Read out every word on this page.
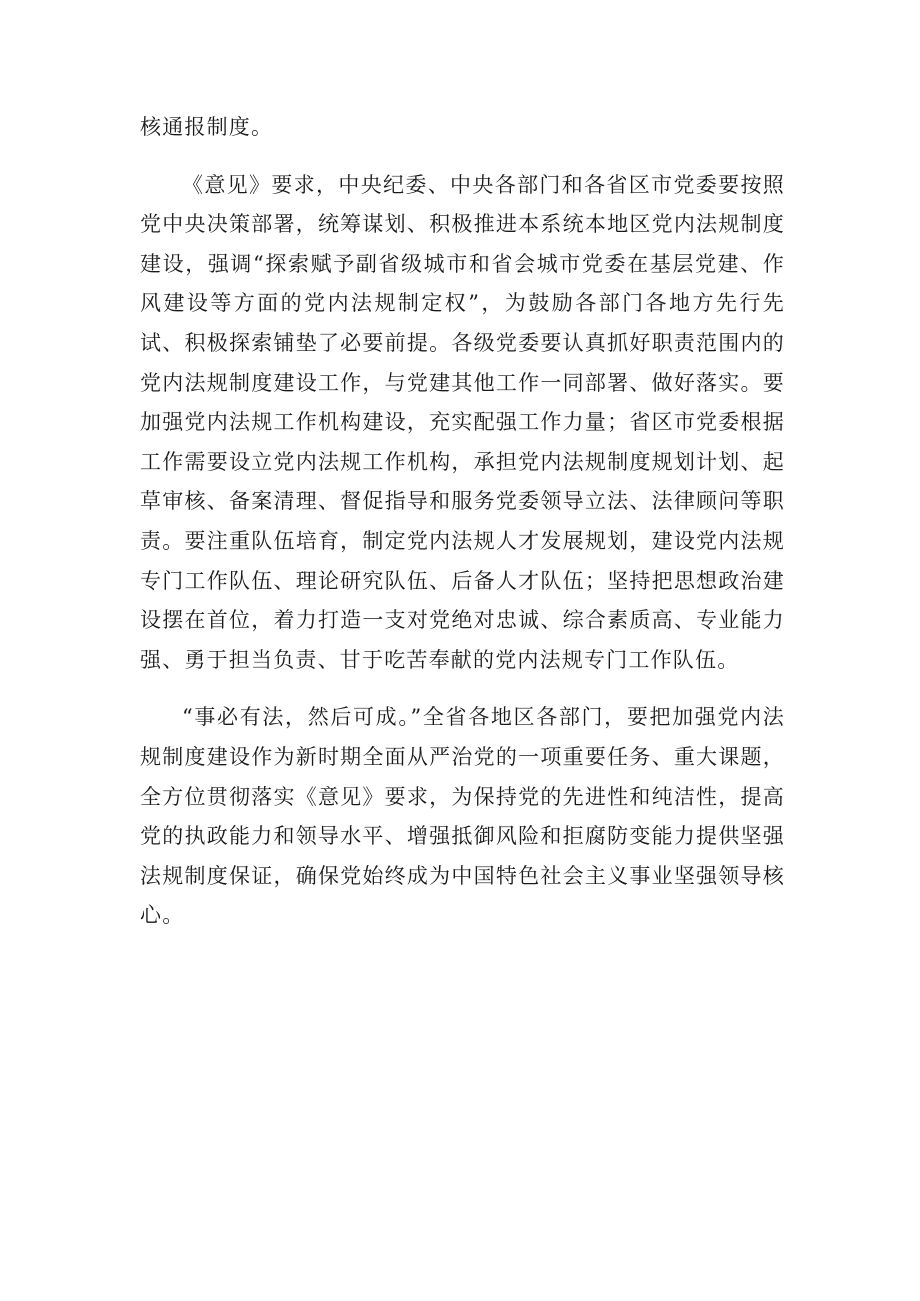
核通报制度。

《意见》要求，中央纪委、中央各部门和各省区市党委要按照党中央决策部署，统筹谋划、积极推进本系统本地区党内法规制度建设，强调“探索赋予副省级城市和省会城市党委在基层党建、作风建设等方面的党内法规制定权”，为鼓励各部门各地方先行先试、积极探索铺垫了必要前提。各级党委要认真抓好职责范围内的党内法规制度建设工作，与党建其他工作一同部署、做好落实。要加强党内法规工作机构建设，充实配强工作力量；省区市党委根据工作需要设立党内法规工作机构，承担党内法规制度规划计划、起草审核、备案清理、督促指导和服务党委领导立法、法律顾问等职责。要注重队伍培育，制定党内法规人才发展规划，建设党内法规专门工作队伍、理论研究队伍、后备人才队伍；坚持把思想政治建设摆在首位，着力打造一支对党绝对忠诚、综合素质高、专业能力强、勇于担当负责、甘于吃苦奉献的党内法规专门工作队伍。

“事必有法，然后可成。”全省各地区各部门，要把加强党内法规制度建设作为新时期全面从严治党的一项重要任务、重大课题，全方位贯彻落实《意见》要求，为保持党的先进性和纯洁性，提高党的执政能力和领导水平、增强抵御风险和拒腐防变能力提供坚强法规制度保证，确保党始终成为中国特色社会主义事业坚强领导核心。
